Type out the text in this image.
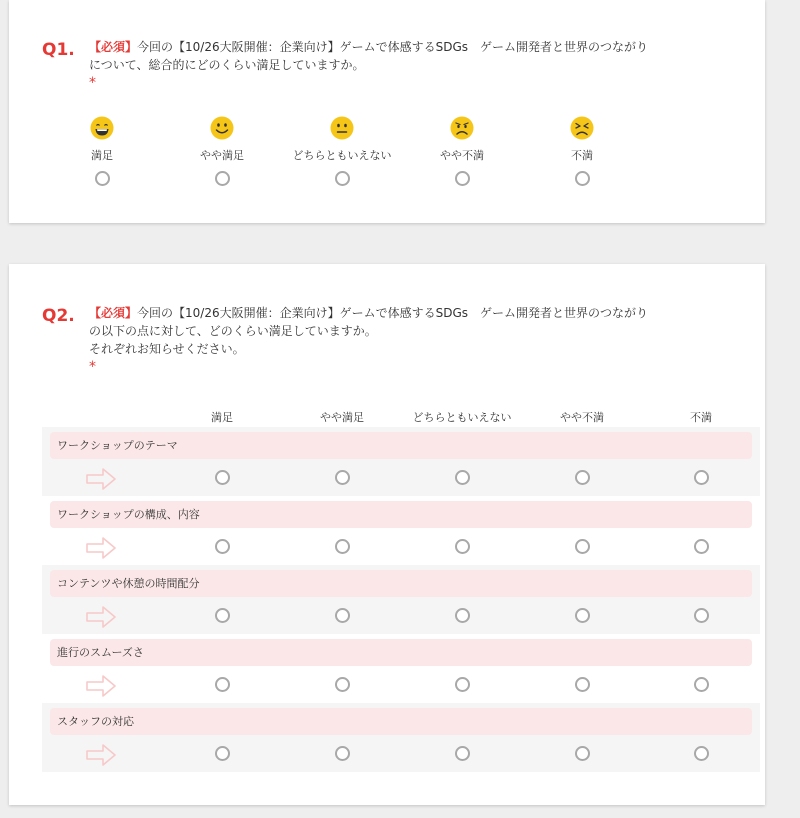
Q1. 【必須】今回の【10/26大阪開催：企業向け】ゲームで体感するSDGs　ゲーム開発者と世界のつながり
について、総合的にどのくらい満足していますか。
*
満足	やや満足	どちらともいえない	やや不満	不満
Q2. 【必須】今回の【10/26大阪開催：企業向け】ゲームで体感するSDGs　ゲーム開発者と世界のつながり
の以下の点に対して、どのくらい満足していますか。
それぞれお知らせください。
*
満足	やや満足	どちらともいえない	やや不満	不満
ワークショップのテーマ
ワークショップの構成、内容
コンテンツや休憩の時間配分
進行のスムーズさ
スタッフの対応
